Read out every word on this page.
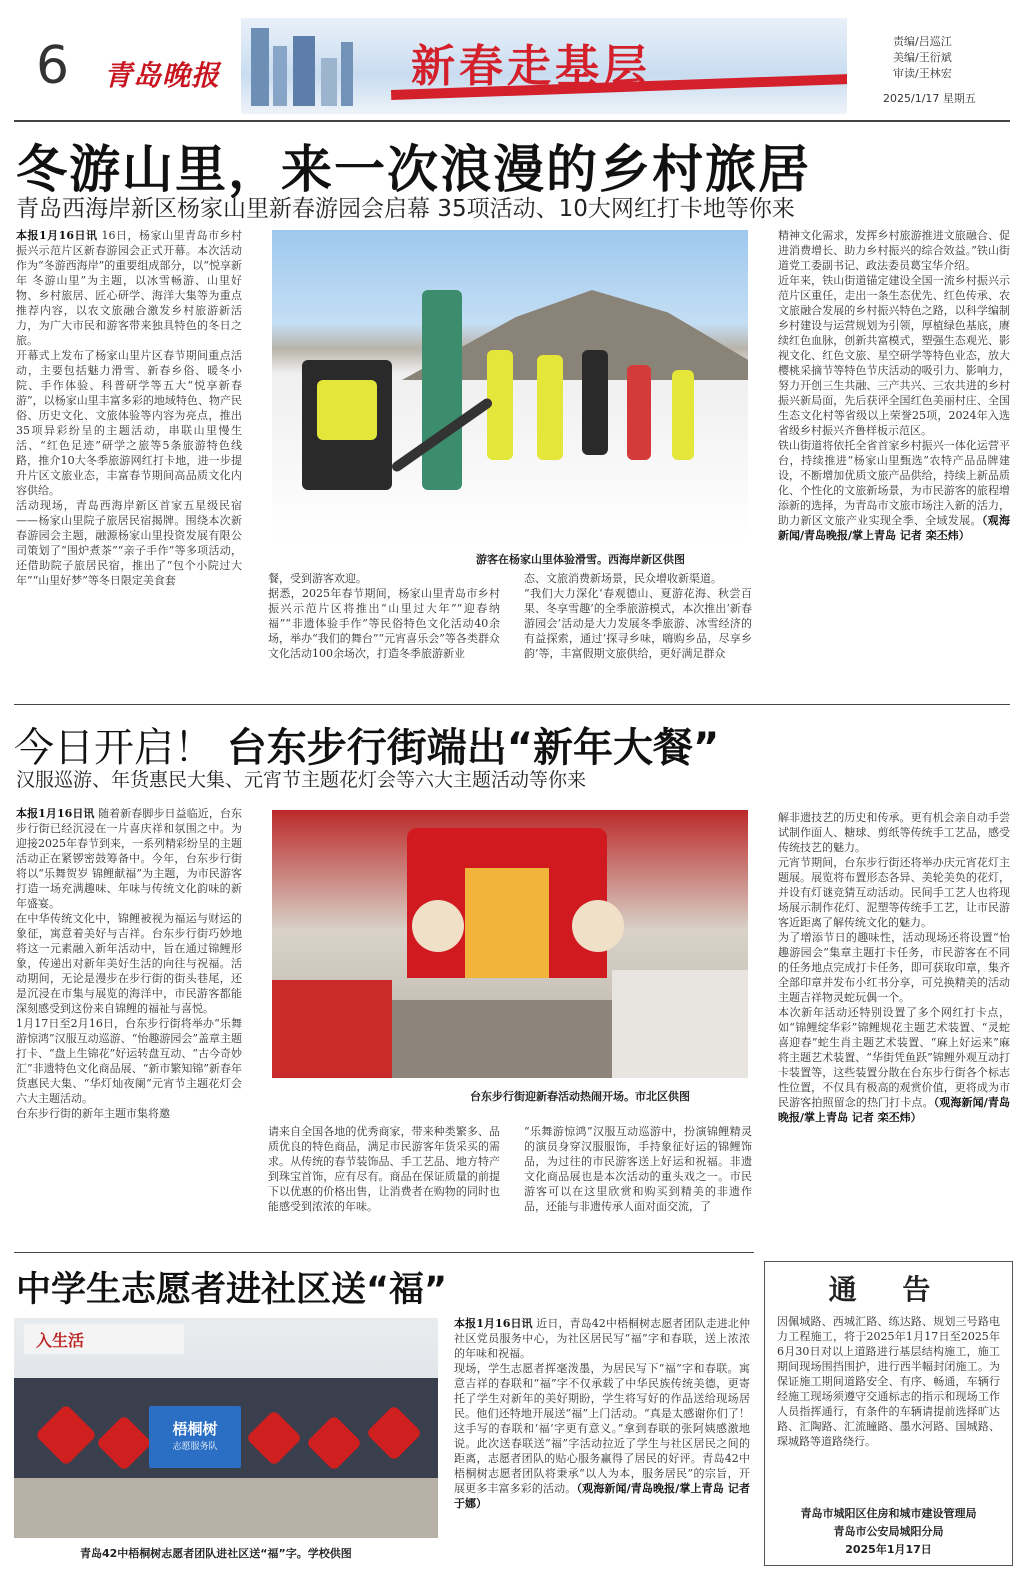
6 青岛晚报	新春走基层	责编/吕巡江
美编/王衍斌
审读/王林宏
2025/1/17 星期五
冬游山里，来一次浪漫的乡村旅居
青岛西海岸新区杨家山里新春游园会启幕 35项活动、10大网红打卡地等你来
本报1月16日讯 16日，杨家山里青岛市乡村振兴示范片区新春游园会正式开幕。本次活动作为“冬游西海岸”的重要组成部分，以“悦享新年 冬游山里”为主题，以冰雪畅游、山里好物、乡村旅居、匠心研学、海洋大集等为重点推荐内容，以农文旅融合激发乡村旅游新活力，为广大市民和游客带来独具特色的冬日之旅。
开幕式上发布了杨家山里片区春节期间重点活动，主要包括魅力滑雪、新春乡俗、暖冬小院、手作体验、科普研学等五大“悦享新春游”，以杨家山里丰富多彩的地域特色、物产民俗、历史文化、文旅体验等内容为亮点，推出35项异彩纷呈的主题活动，串联山里慢生活、“红色足迹”研学之旅等5条旅游特色线路，推介10大冬季旅游网红打卡地，进一步提升片区文旅业态，丰富春节期间高品质文化内容供给。
活动现场，青岛西海岸新区首家五星级民宿——杨家山里院子旅居民宿揭牌。围绕本次新春游园会主题，融源杨家山里投资发展有限公司策划了“围炉煮茶”“亲子手作”等多项活动，还借助院子旅居民宿，推出了“包个小院过大年”“山里好梦”等冬日限定美食套
游客在杨家山里体验滑雪。西海岸新区供图
餐，受到游客欢迎。
据悉，2025年春节期间，杨家山里青岛市乡村振兴示范片区将推出“山里过大年”“迎春纳福”“非遗体验手作”等民俗特色文化活动40余场，举办“我们的舞台”“元宵喜乐会”等各类群众文化活动100余场次，打造冬季旅游新业
态、文旅消费新场景，民众增收新渠道。
“我们大力深化‘春观德山、夏游花海、秋尝百果、冬享雪趣’的全季旅游模式，本次推出‘新春游园会’活动是大力发展冬季旅游、冰雪经济的有益探索，通过‘探寻乡味，嗨购乡品，尽享乡韵’等，丰富假期文旅供给，更好满足群众
精神文化需求，发挥乡村旅游推进文旅融合、促进消费增长、助力乡村振兴的综合效益。”铁山街道党工委副书记、政法委员葛宝华介绍。
近年来，铁山街道锚定建设全国一流乡村振兴示范片区重任，走出一条生态优先、红色传承、农文旅融合发展的乡村振兴特色之路，以科学编制乡村建设与运营规划为引领，厚植绿色基底，赓续红色血脉，创新共富模式，塑强生态观光、影视文化、红色文旅、星空研学等特色业态，放大樱桃采摘节等特色节庆活动的吸引力、影响力，努力开创三生共融、三产共兴、三农共进的乡村振兴新局面，先后获评全国红色美丽村庄、全国生态文化村等省级以上荣誉25项，2024年入选省级乡村振兴齐鲁样板示范区。
铁山街道将依托全省首家乡村振兴一体化运营平台，持续推进“杨家山里甄选”农特产品品牌建设，不断增加优质文旅产品供给，持续上新品质化、个性化的文旅新场景，为市民游客的旅程增添新的选择，为青岛市文旅市场注入新的活力，助力新区文旅产业实现全季、全域发展。（观海新闻/青岛晚报/掌上青岛 记者 栾丕炜）
今日开启！ 台东步行街端出“新年大餐”
汉服巡游、年货惠民大集、元宵节主题花灯会等六大主题活动等你来
本报1月16日讯 随着新春脚步日益临近，台东步行街已经沉浸在一片喜庆祥和氛围之中。为迎接2025年春节到来，一系列精彩纷呈的主题活动正在紧锣密鼓筹备中。今年，台东步行街将以“乐舞贺岁 锦鲤献福”为主题，为市民游客打造一场充满趣味、年味与传统文化韵味的新年盛宴。
在中华传统文化中，锦鲤被视为福运与财运的象征，寓意着美好与吉祥。台东步行街巧妙地将这一元素融入新年活动中，旨在通过锦鲤形象，传递出对新年美好生活的向往与祝福。活动期间，无论是漫步在步行街的街头巷尾，还是沉浸在市集与展览的海洋中，市民游客都能深刻感受到这份来自锦鲤的福祉与喜悦。
1月17日至2月16日，台东步行街将举办“乐舞游惊鸿”汉服互动巡游、“怡趣游园会”盖章主题打卡、“盘上生锦花”好运转盘互动、“古今奇妙汇”非遗特色文化商品展、“新市繁知锦”新春年货惠民大集、“华灯灿夜阑”元宵节主题花灯会六大主题活动。
台东步行街的新年主题市集将邀
台东步行街迎新春活动热闹开场。市北区供图
请来自全国各地的优秀商家，带来种类繁多、品质优良的特色商品，满足市民游客年货采买的需求。从传统的春节装饰品、手工艺品、地方特产到珠宝首饰，应有尽有。商品在保证质量的前提下以优惠的价格出售，让消费者在购物的同时也能感受到浓浓的年味。
“乐舞游惊鸿”汉服互动巡游中，扮演锦鲤精灵的演员身穿汉服服饰，手持象征好运的锦鲤饰品，为过往的市民游客送上好运和祝福。非遗文化商品展也是本次活动的重头戏之一。市民游客可以在这里欣赏和购买到精美的非遗作品，还能与非遗传承人面对面交流，了
解非遗技艺的历史和传承。更有机会亲自动手尝试制作面人、糖球、剪纸等传统手工艺品，感受传统技艺的魅力。
元宵节期间，台东步行街还将举办庆元宵花灯主题展。展览将布置形态各异、美轮美奂的花灯，并设有灯谜竞猜互动活动。民间手工艺人也将现场展示制作花灯、泥塑等传统手工艺，让市民游客近距离了解传统文化的魅力。
为了增添节日的趣味性，活动现场还将设置“怡趣游园会”集章主题打卡任务，市民游客在不同的任务地点完成打卡任务，即可获取印章，集齐全部印章并发布小红书分享，可兑换精美的活动主题吉祥物灵蛇玩偶一个。
本次新年活动还特别设置了多个网红打卡点，如“锦鲤绽华彩”锦鲤规花主题艺术装置、“灵蛇喜迎春”蛇生肖主题艺术装置、“麻上好运来”麻将主题艺术装置、“华街凭鱼跃”锦鲤外观互动打卡装置等，这些装置分散在台东步行街各个标志性位置，不仅具有极高的观赏价值，更将成为市民游客拍照留念的热门打卡点。（观海新闻/青岛晚报/掌上青岛 记者 栾丕炜）
中学生志愿者进社区送“福”
入生活
梧桐树
志愿服务队
青岛42中梧桐树志愿者团队进社区送“福”字。学校供图
本报1月16日讯 近日，青岛42中梧桐树志愿者团队走进北仲社区党员服务中心，为社区居民写“福”字和春联，送上浓浓的年味和祝福。
现场，学生志愿者挥毫泼墨，为居民写下“福”字和春联。寓意吉祥的春联和“福”字不仅承载了中华民族传统美德，更寄托了学生对新年的美好期盼，学生将写好的作品送给现场居民。他们还特地开展送“福”上门活动。“真是太感谢你们了！这手写的春联和‘福’字更有意义。”拿到春联的张阿姨感激地说。此次送春联送“福”字活动拉近了学生与社区居民之间的距离，志愿者团队的贴心服务赢得了居民的好评。青岛42中梧桐树志愿者团队将秉承“以人为本，服务居民”的宗旨，开展更多丰富多彩的活动。（观海新闻/青岛晚报/掌上青岛 记者 于娜）
通 告
因佩城路、西城汇路、练达路、规划三号路电力工程施工，将于2025年1月17日至2025年6月30日对以上道路进行基层结构施工，施工期间现场围挡围护，进行西半幅封闭施工。为保证施工期间道路安全、有序、畅通，车辆行经施工现场须遵守交通标志的指示和现场工作人员指挥通行，有条件的车辆请提前选择旷达路、汇陶路、汇流瞳路、墨水河路、国城路、琛城路等道路绕行。
青岛市城阳区住房和城市建设管理局
青岛市公安局城阳分局
2025年1月17日
